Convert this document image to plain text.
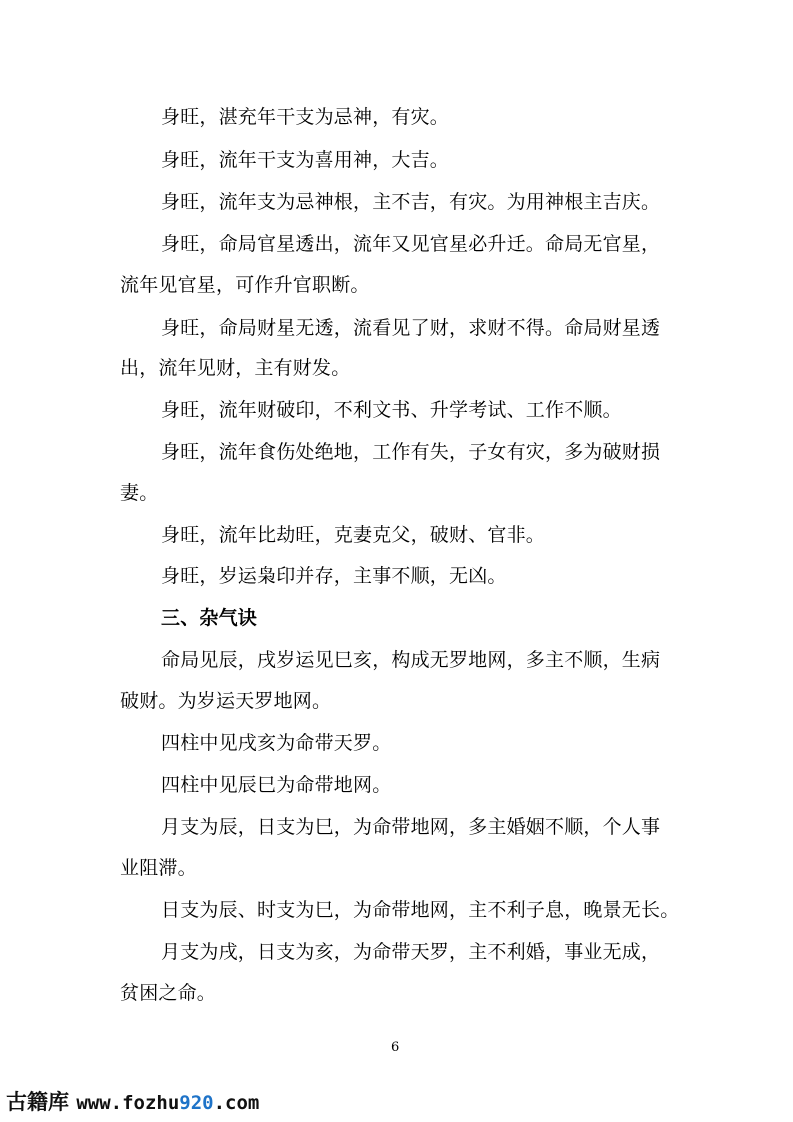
身旺，湛充年干支为忌神，有灾。
身旺，流年干支为喜用神，大吉。
身旺，流年支为忌神根，主不吉，有灾。为用神根主吉庆。
身旺，命局官星透出，流年又见官星必升迁。命局无官星，
流年见官星，可作升官职断。
身旺，命局财星无透，流看见了财，求财不得。命局财星透
出，流年见财，主有财发。
身旺，流年财破印，不利文书、升学考试、工作不顺。
身旺，流年食伤处绝地，工作有失，子女有灾，多为破财损
妻。
身旺，流年比劫旺，克妻克父，破财、官非。
身旺，岁运枭印并存，主事不顺，无凶。
三、杂气诀
命局见辰，戌岁运见巳亥，构成无罗地网，多主不顺，生病
破财。为岁运天罗地网。
四柱中见戌亥为命带天罗。
四柱中见辰巳为命带地网。
月支为辰，日支为巳，为命带地网，多主婚姻不顺，个人事
业阻滞。
日支为辰、时支为巳，为命带地网，主不利子息，晚景无长。
月支为戌，日支为亥，为命带天罗，主不利婚，事业无成，
贫困之命。
6
古籍库 www.fozhu920.com
